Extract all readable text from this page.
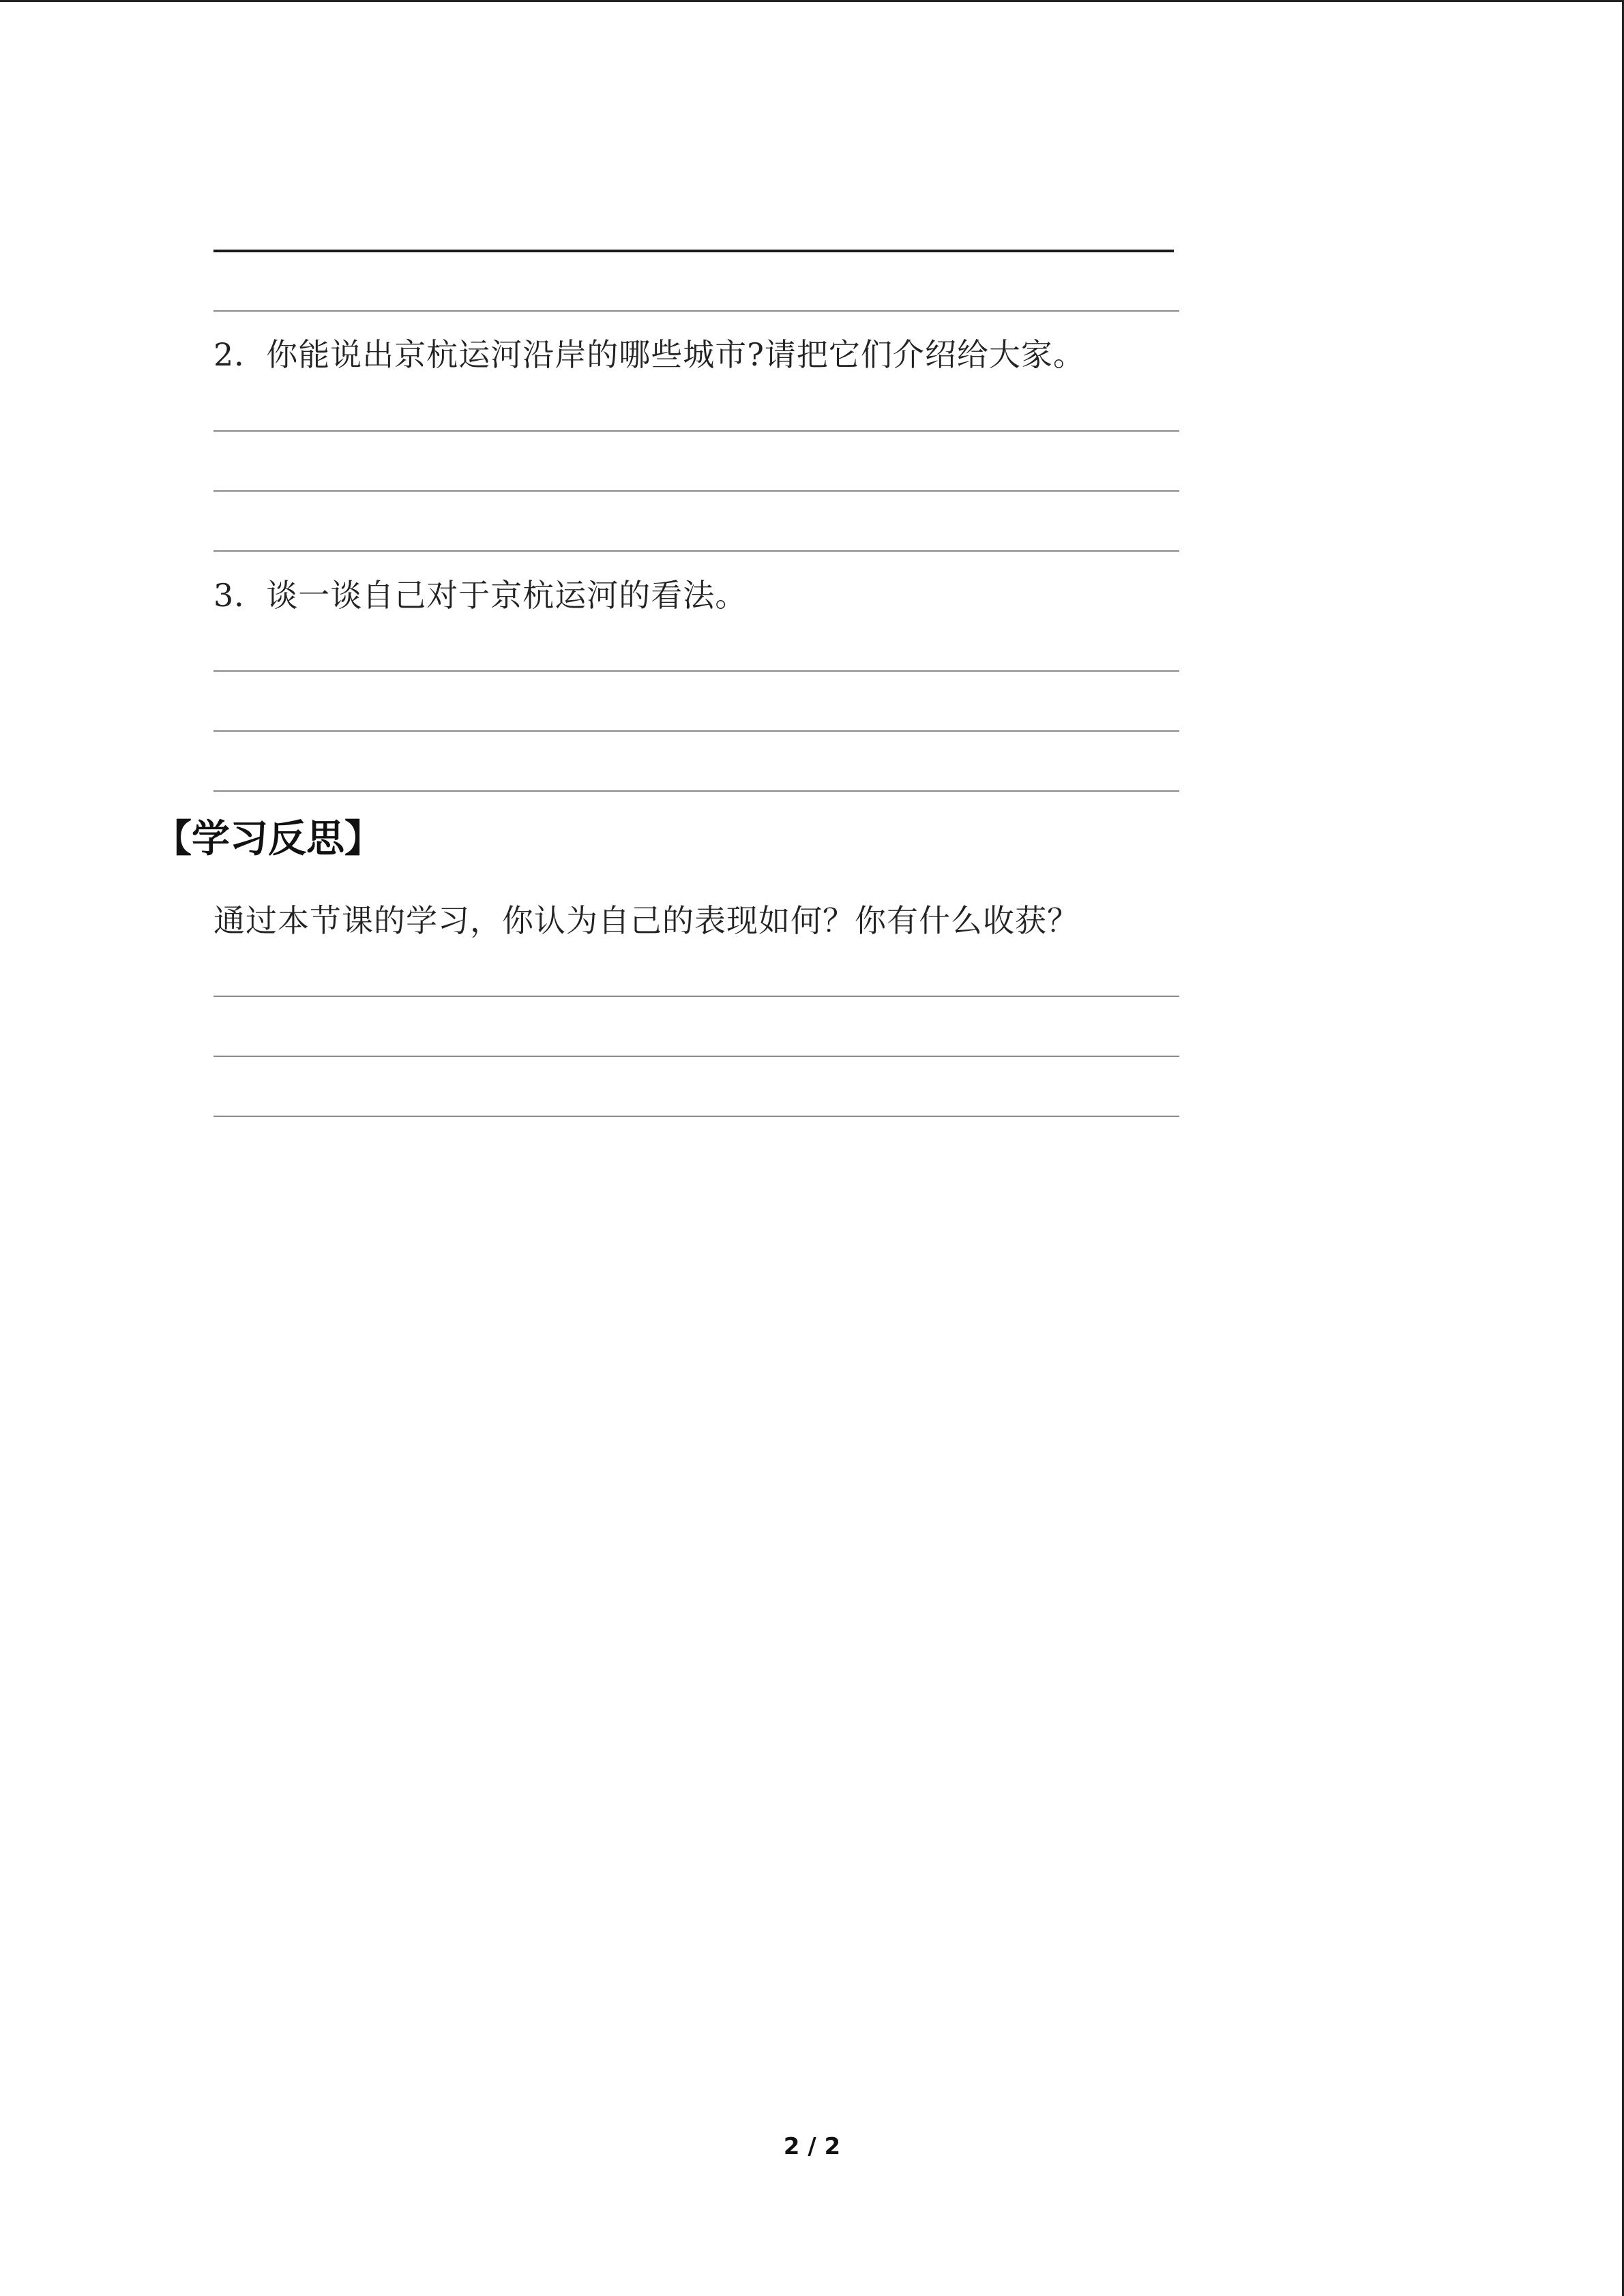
2．你能说出京杭运河沿岸的哪些城市?请把它们介绍给大家。
3．谈一谈自己对于京杭运河的看法。
【学习反思】
通过本节课的学习，你认为自己的表现如何？你有什么收获？
2 / 2
